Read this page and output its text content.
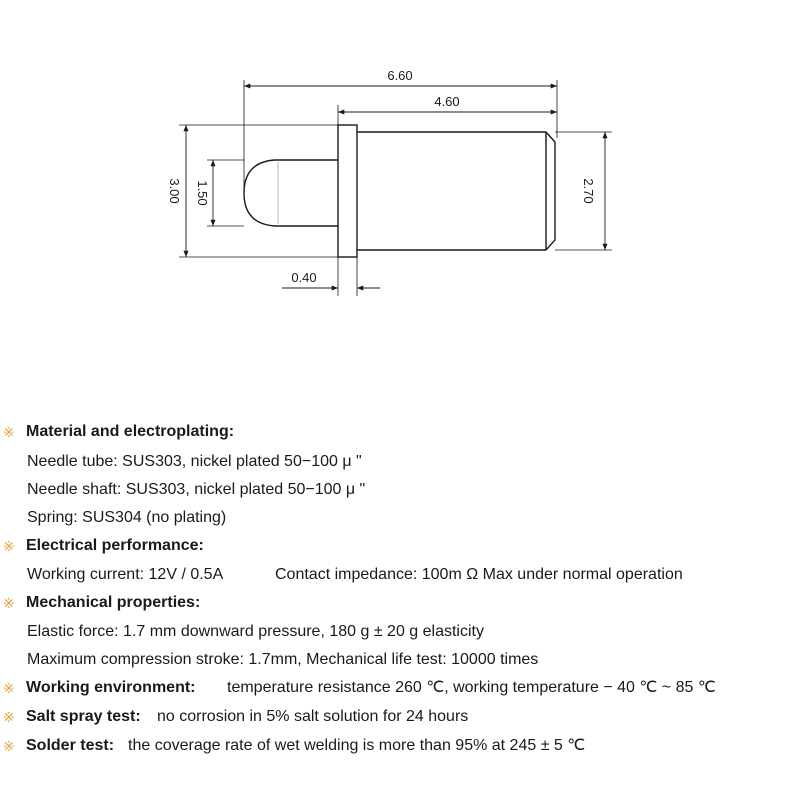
6.60
4.60
3.00 1.50	2.70
0.40
※ Material and electroplating:
Needle tube: SUS303, nickel plated 50−100 μ "
Needle shaft: SUS303, nickel plated 50−100 μ "
Spring: SUS304 (no plating)
※ Electrical performance:
Working current: 12V / 0.5A	Contact impedance: 100m Ω Max under normal operation
※ Mechanical properties:
Elastic force: 1.7 mm downward pressure, 180 g ± 20 g elasticity
Maximum compression stroke: 1.7mm, Mechanical life test: 10000 times
※ Working environment: temperature resistance 260 ℃, working temperature − 40 ℃ ~ 85 ℃
※ Salt spray test: no corrosion in 5% salt solution for 24 hours
※ Solder test: the coverage rate of wet welding is more than 95% at 245 ± 5 ℃
